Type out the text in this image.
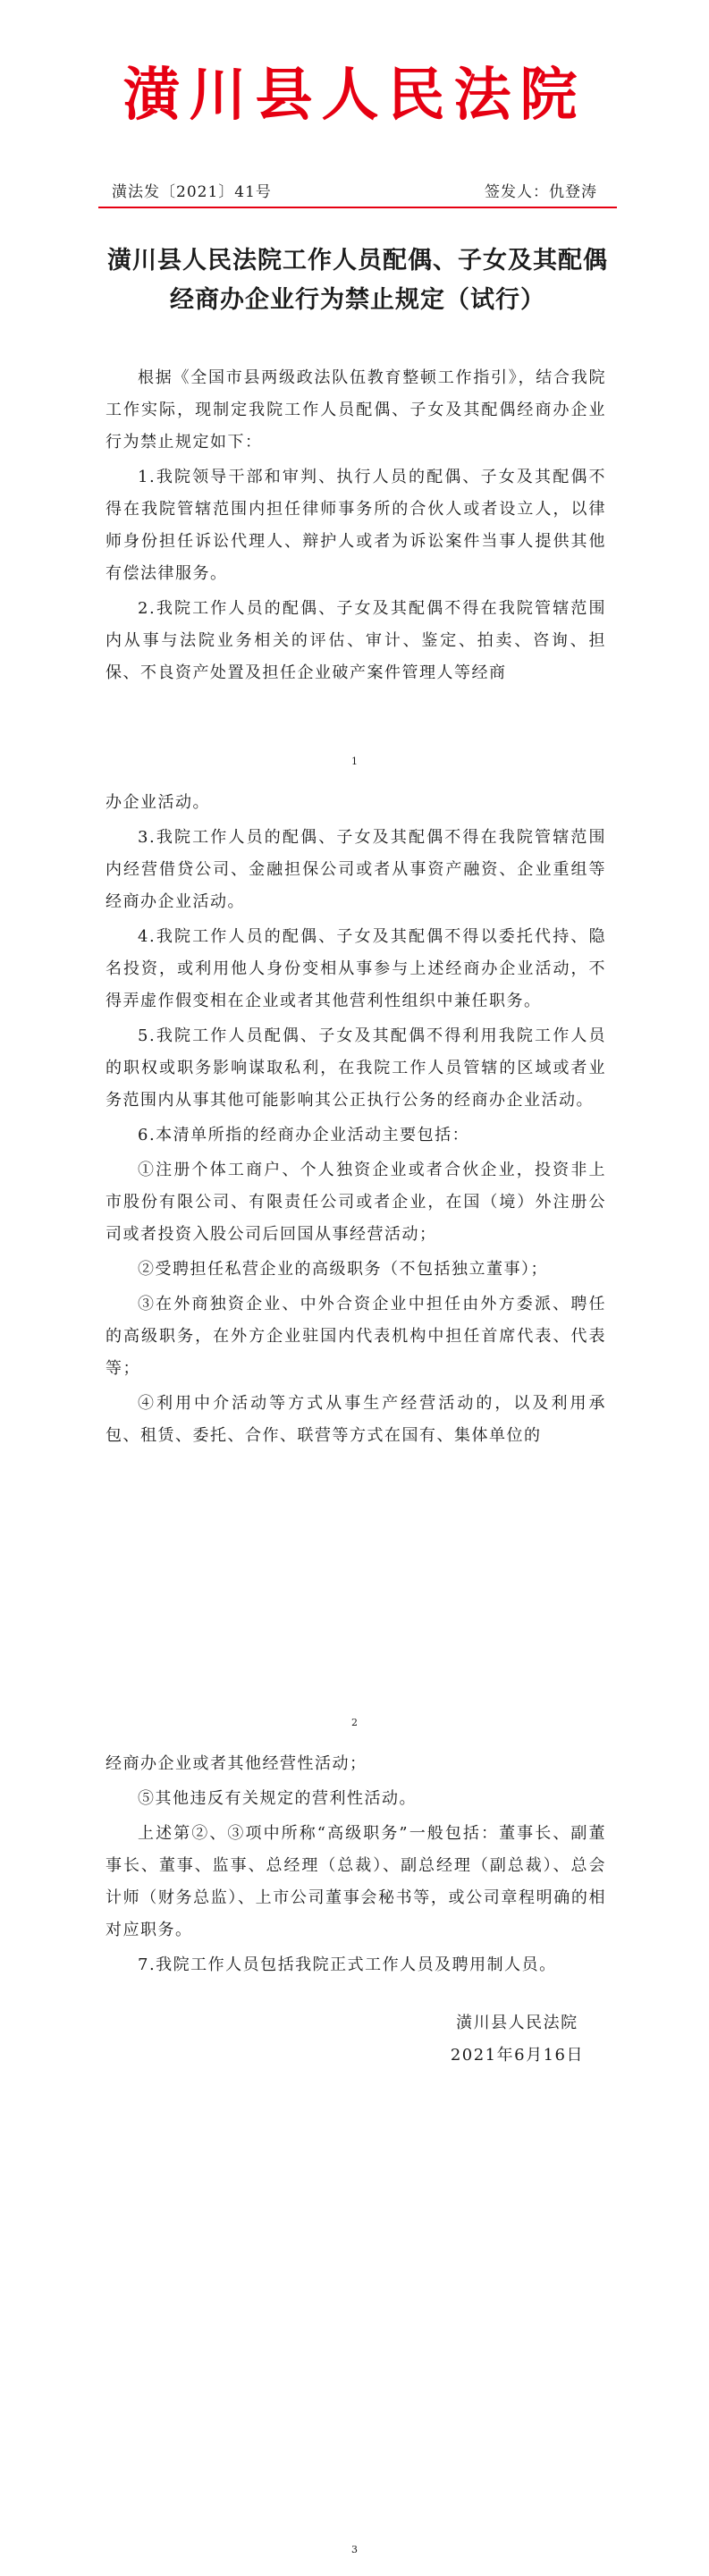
潢川县人民法院
潢法发〔2021〕41号	签发人：仇登涛
潢川县人民法院工作人员配偶、子女及其配偶经商办企业行为禁止规定（试行）

根据《全国市县两级政法队伍教育整顿工作指引》，结合我院工作实际，现制定我院工作人员配偶、子女及其配偶经商办企业行为禁止规定如下：

1.我院领导干部和审判、执行人员的配偶、子女及其配偶不得在我院管辖范围内担任律师事务所的合伙人或者设立人，以律师身份担任诉讼代理人、辩护人或者为诉讼案件当事人提供其他有偿法律服务。

2.我院工作人员的配偶、子女及其配偶不得在我院管辖范围内从事与法院业务相关的评估、审计、鉴定、拍卖、咨询、担保、不良资产处置及担任企业破产案件管理人等经商

1

办企业活动。

3.我院工作人员的配偶、子女及其配偶不得在我院管辖范围内经营借贷公司、金融担保公司或者从事资产融资、企业重组等经商办企业活动。

4.我院工作人员的配偶、子女及其配偶不得以委托代持、隐名投资，或利用他人身份变相从事参与上述经商办企业活动，不得弄虚作假变相在企业或者其他营利性组织中兼任职务。

5.我院工作人员配偶、子女及其配偶不得利用我院工作人员的职权或职务影响谋取私利，在我院工作人员管辖的区域或者业务范围内从事其他可能影响其公正执行公务的经商办企业活动。

6.本清单所指的经商办企业活动主要包括：

①注册个体工商户、个人独资企业或者合伙企业，投资非上市股份有限公司、有限责任公司或者企业，在国（境）外注册公司或者投资入股公司后回国从事经营活动；

②受聘担任私营企业的高级职务（不包括独立董事）；

③在外商独资企业、中外合资企业中担任由外方委派、聘任的高级职务，在外方企业驻国内代表机构中担任首席代表、代表等；

④利用中介活动等方式从事生产经营活动的，以及利用承包、租赁、委托、合作、联营等方式在国有、集体单位的

2

经商办企业或者其他经营性活动；

⑤其他违反有关规定的营利性活动。

上述第②、③项中所称“高级职务”一般包括：董事长、副董事长、董事、监事、总经理（总裁）、副总经理（副总裁）、总会计师（财务总监）、上市公司董事会秘书等，或公司章程明确的相对应职务。

7.我院工作人员包括我院正式工作人员及聘用制人员。

潢川县人民法院
2021年6月16日
3
